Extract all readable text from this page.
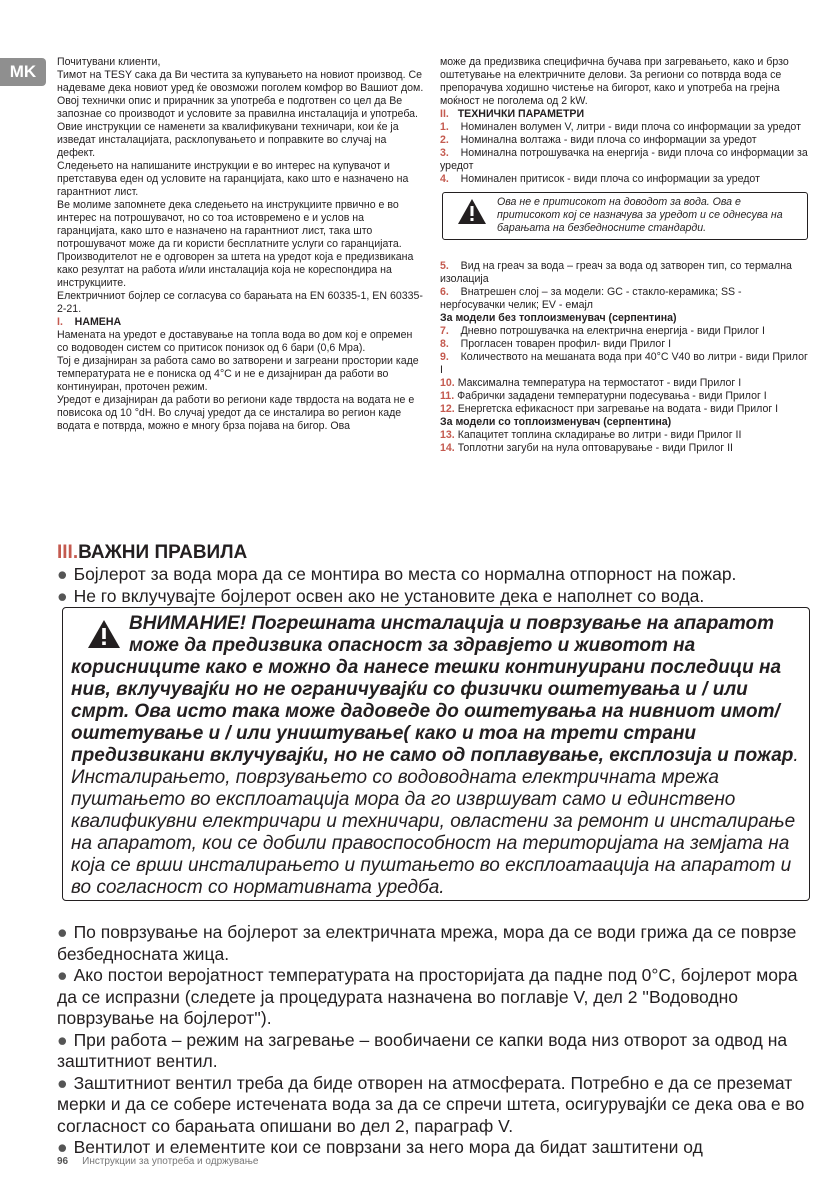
MK	Почитувани клиенти,

Тимот на TESY сака да Ви честита за купувањето на новиот производ. Се надеваме дека новиот уред ќе овозможи поголем комфор во Вашиот дом.

Овој технички опис и прирачник за употреба е подготвен со цел да Ве запознае со производот и условите за правилна инсталација и употреба. Овие инструкции се наменети за квалификувани техничари, кои ќе ја изведат инсталацијата, расклопувањето и поправките во случај на дефект.

Следењето на напишаните инструкции е во интерес на купувачот и претставува еден од условите на гаранцијата, како што е назначено на гарантниот лист.

Ве молиме запомнете дека следењето на инструкциите првично е во интерес на потрошувачот, но со тоа истовремено е и услов на гаранцијата, како што е назначено на гарантниот лист, така што потрошувачот може да ги користи бесплатните услуги со гаранцијата. Производителот не е одговорен за штета на уредот која е предизвикана како резултат на работа и/или инсталација која не кореспондира на инструкциите.

Електричниот бојлер се согласува со барањата на EN 60335-1, EN 60335-2-21.

I. НАМЕНА

Намената на уредот е доставување на топла вода во дом кој е опремен со водоводен систем со притисок понизок од 6 бари (0,6 Mpa).

Тој е дизајниран за работа само во затворени и загреани простории каде температурата не е пониска од 4°C и не е дизајниран да работи во континуиран, проточен режим.

Уредот е дизајниран да работи во региони каде тврдоста на водата не е повисока од 10 °dH. Во случај уредот да се инсталира во регион каде водата е потврда, можно е многу брза појава на бигор. Ова

може да предизвика специфична бучава при загревањето, како и брзо оштетување на електричните делови. За региони со потврда вода се препорачува ходишно чистење на бигорот, како и употреба на грејна моќност не поголема од 2 kW.

II. ТЕХНИЧКИ ПАРАМЕТРИ

1. Номинален волумен V, литри - види плоча со информации за уредот

2. Номинална волтажа - види плоча со информации за уредот

3. Номинална потрошувачка на енергија - види плоча со информации за уредот

4. Номинален притисок - види плоча со информации за уредот

Ова не е притисокот на доводот за вода. Ова е притисокот кој се назначува за уредот и се однесува на барањата на безбедносните стандарди.

5. Вид на греач за вода – греач за вода од затворен тип, со термална изолација

6. Внатрешен слој – за модели: GC - стакло-керамика; SS - нерѓосувачки челик; EV - емајл

За модели без топлоизменувач (серпентина)

7. Дневно потрошувачка на електрична енергија - види Прилог I

8. Прогласен товарен профил- види Прилог I

9. Количеството на мешаната вода при 40°C V40 во литри - види Прилог I

10. Максимална температура на термостатот - види Прилог I

11. Фабрички зададени температурни подесувања - види Прилог I

12. Енергетска ефикасност при загревање на водата - види Прилог I

За модели со топлоизменувач (серпентина)

13. Капацитет топлина складирање во литри - види Прилог II

14. Топлотни загуби на нула оптоварување - види Прилог II

III.ВАЖНИ ПРАВИЛА

● Бојлерот за вода мора да се монтира во места со нормална отпорност на пожар.

● Не го вклучувајте бојлерот освен ако не установите дека е наполнет со вода.

ВНИМАНИЕ! Погрешната инсталација и поврзување на апаратот може да предизвика опасност за здравјето и животот на корисниците како е можно да нанесе тешки континуирани последици на нив, вклучувајќи но не ограничувајќи со физички оштетувања и / или смрт. Ова исто така може дадоведе до оштетувања на нивниот имот/ оштетување и / или уништување( како и тоа на трети страни предизвикани вклучувајќи, но не само од поплавување, експлозија и пожар. Инсталирањето, поврзувањето со водоводната електричната мрежа пуштањето во експлоатација мора да го извршуват само и единствено квалификувни електричари и техничари, овластени за ремонт и инсталирање на апаратот, кои се добили правоспособност на територијата на земјата на која се врши инсталирањето и пуштањето во експлоатаација на апаратот и во согласност со нормативната уредба.

● По поврзување на бојлерот за електричната мрежа, мора да се води грижа да се поврзе безбедносната жица.

● Ако постои веројатност температурата на просторијата да падне под 0°C, бојлерот мора да се испразни (следете ја процедурата назначена во поглавје V, дел 2 ''Водоводно поврзување на бојлерот'').

● При работа – режим на загревање – вообичаени се капки вода низ отворот за одвод на заштитниот вентил.

● Заштитниот вентил треба да биде отворен на атмосферата. Потребно е да се преземат мерки и да се собере истечената вода за да се спречи штета, осигурувајќи се дека ова е во согласност со барањата опишани во дел 2, параграф V.

● Вентилот и елементите кои се поврзани за него мора да бидат заштитени од

96 Инструкции за употреба и одржување
